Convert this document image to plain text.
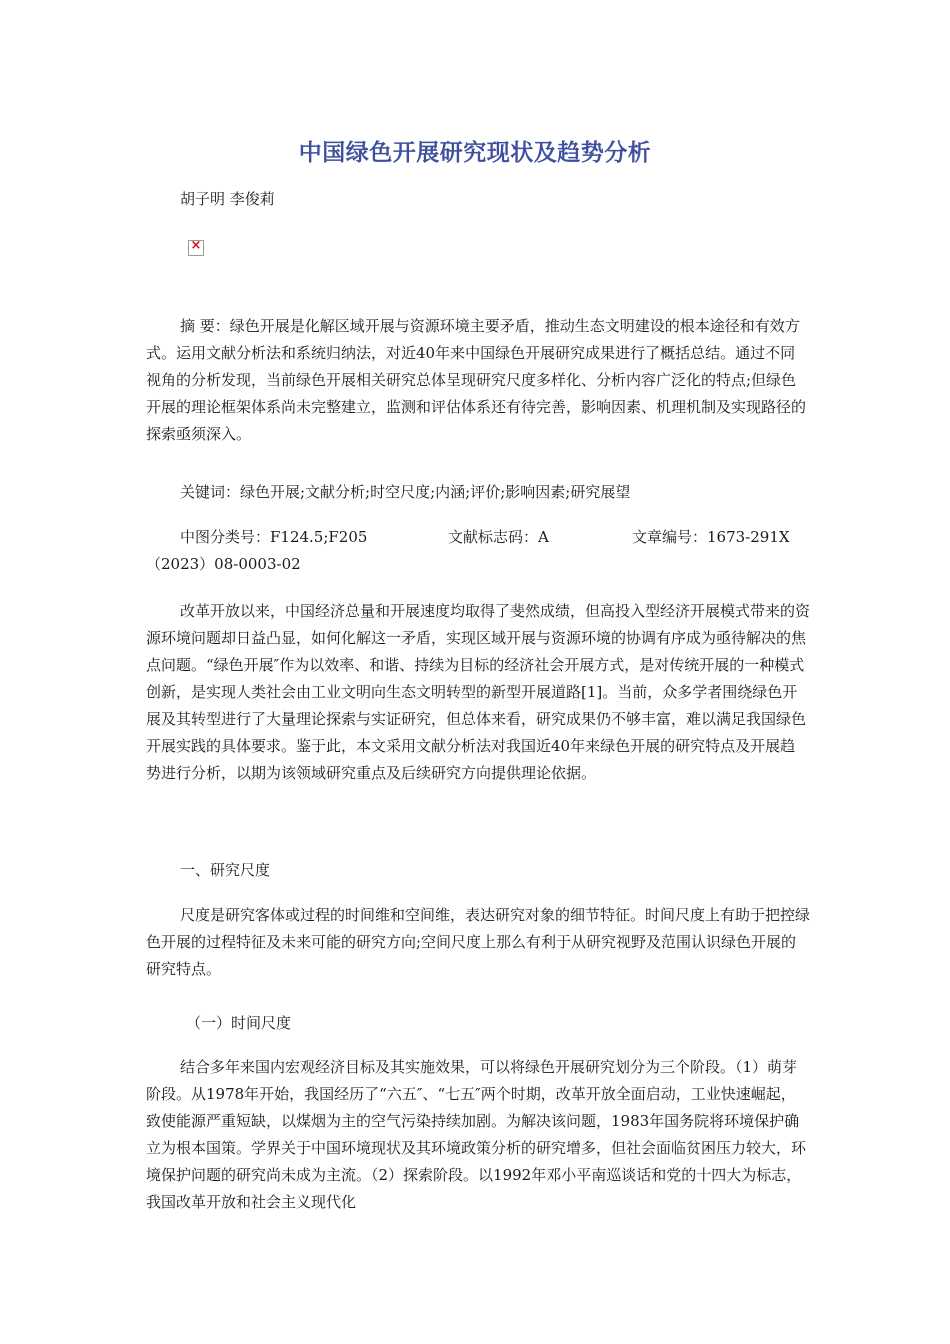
中国绿色开展研究现状及趋势分析
胡子明 李俊莉
×

摘 要：绿色开展是化解区域开展与资源环境主要矛盾，推动生态文明建设的根本途径和有效方式。运用文献分析法和系统归纳法，对近40年来中国绿色开展研究成果进行了概括总结。通过不同视角的分析发现，当前绿色开展相关研究总体呈现研究尺度多样化、分析内容广泛化的特点;但绿色开展的理论框架体系尚未完整建立，监测和评估体系还有待完善，影响因素、机理机制及实现路径的探索亟须深入。

关键词：绿色开展;文献分析;时空尺度;内涵;评价;影响因素;研究展望

中图分类号：F124.5;F205	文献标志码：A	文章编号：1673-291X
（2023）08-0003-02

改革开放以来，中国经济总量和开展速度均取得了斐然成绩，但高投入型经济开展模式带来的资源环境问题却日益凸显，如何化解这一矛盾，实现区域开展与资源环境的协调有序成为亟待解决的焦点问题。“绿色开展″作为以效率、和谐、持续为目标的经济社会开展方式，是对传统开展的一种模式创新，是实现人类社会由工业文明向生态文明转型的新型开展道路[1]。当前，众多学者围绕绿色开展及其转型进行了大量理论探索与实证研究，但总体来看，研究成果仍不够丰富，难以满足我国绿色开展实践的具体要求。鉴于此，本文采用文献分析法对我国近40年来绿色开展的研究特点及开展趋势进行分析，以期为该领域研究重点及后续研究方向提供理论依据。

一、研究尺度

尺度是研究客体或过程的时间维和空间维，表达研究对象的细节特征。时间尺度上有助于把控绿色开展的过程特征及未来可能的研究方向;空间尺度上那么有利于从研究视野及范围认识绿色开展的研究特点。

（一）时间尺度

结合多年来国内宏观经济目标及其实施效果，可以将绿色开展研究划分为三个阶段。（1）萌芽阶段。从1978年开始，我国经历了“六五″、“七五″两个时期，改革开放全面启动，工业快速崛起，致使能源严重短缺，以煤烟为主的空气污染持续加剧。为解决该问题，1983年国务院将环境保护确立为根本国策。学界关于中国环境现状及其环境政策分析的研究增多，但社会面临贫困压力较大，环境保护问题的研究尚未成为主流。（2）探索阶段。以1992年邓小平南巡谈话和党的十四大为标志，我国改革开放和社会主义现代化
